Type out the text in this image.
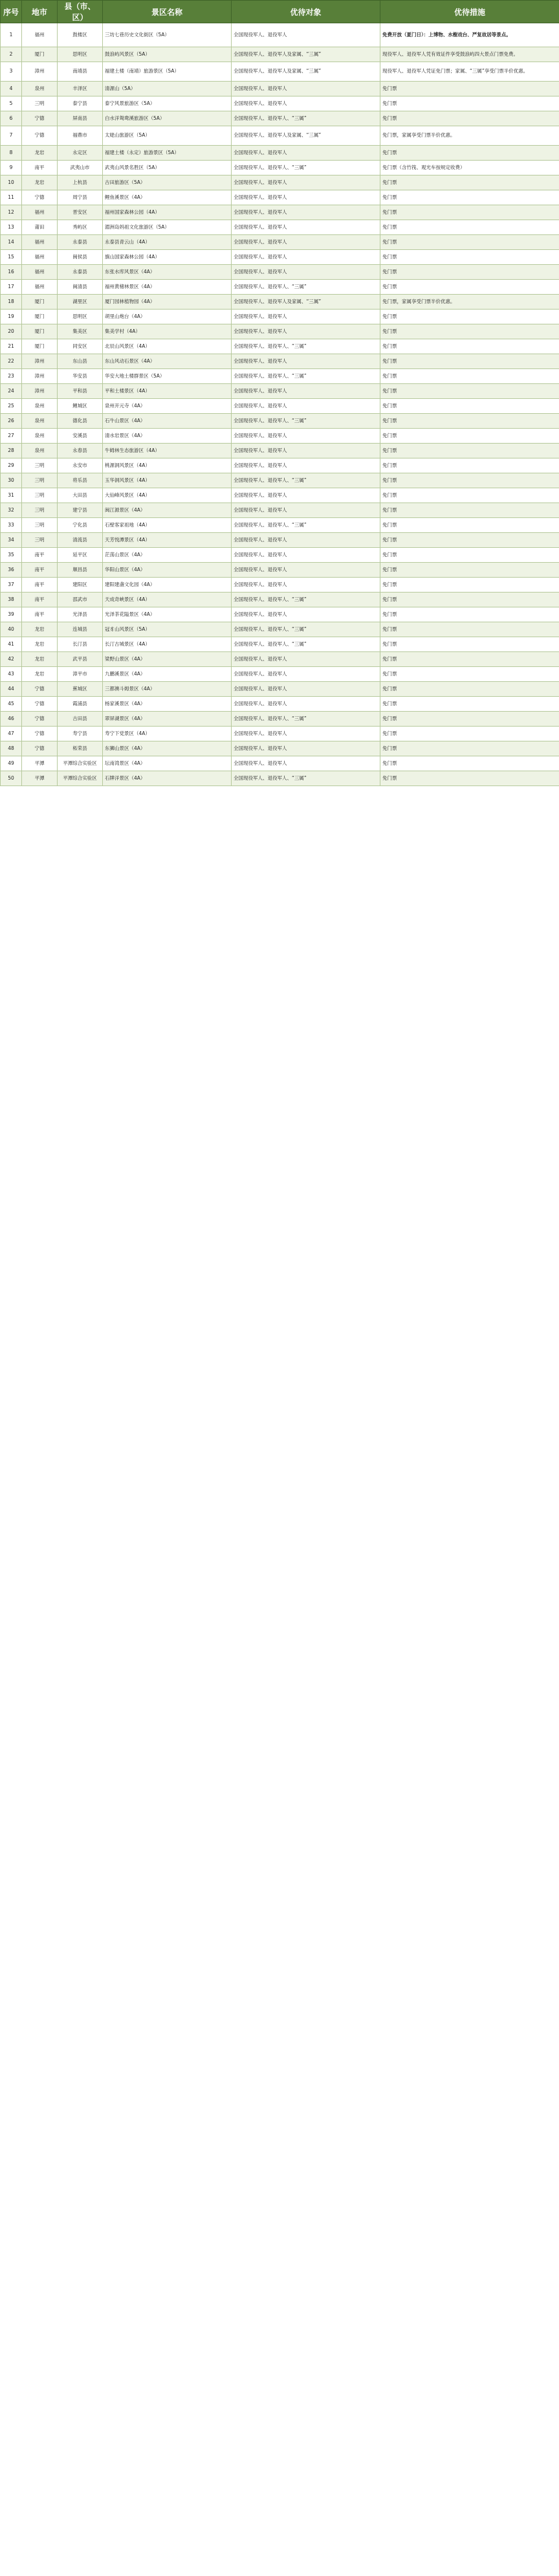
序号	地市	县（市、区）	景区名称	优待对象	优待措施
1	福州	鼓楼区	三坊七巷历史文化街区（5A）	全国现役军人、退役军人	免费开放（夏门日）：上博物、水榭戏台、严复故居等景点。
2	厦门	思明区	鼓浪屿风景区（5A）	全国现役军人、退役军人及家属、“三属”	现役军人、退役军人凭有效证件享受鼓浪屿四大景点门票免费。
3	漳州	南靖县	福建土楼（南靖）旅游景区（5A）	全国现役军人、退役军人及家属、“三属”	现役军人、退役军人凭证免门票；家属、“三属”享受门票半价优惠。
4	泉州	丰泽区	清源山（5A）	全国现役军人、退役军人	免门票
5	三明	泰宁县	泰宁风景旅游区（5A）	全国现役军人、退役军人	免门票
6	宁德	屏南县	白水洋鸳鸯溪旅游区（5A）	全国现役军人、退役军人、“三属”	免门票
7	宁德	福鼎市	太姥山旅游区（5A）	全国现役军人、退役军人及家属、“三属”	免门票，家属享受门票半价优惠。
8	龙岩	永定区	福建土楼（永定）旅游景区（5A）	全国现役军人、退役军人	免门票
9	南平	武夷山市	武夷山风景名胜区（5A）	全国现役军人、退役军人、“三属”	免门票（含竹筏、观光车按规定收费）
10	龙岩	上杭县	古田旅游区（5A）	全国现役军人、退役军人	免门票
11	宁德	周宁县	鲤鱼溪景区（4A）	全国现役军人、退役军人	免门票
12	福州	晋安区	福州国家森林公园（4A）	全国现役军人、退役军人	免门票
13	莆田	秀屿区	湄洲岛妈祖文化旅游区（5A）	全国现役军人、退役军人	免门票
14	福州	永泰县	永泰县青云山（4A）	全国现役军人、退役军人	免门票
15	福州	闽侯县	旗山国家森林公园（4A）	全国现役军人、退役军人	免门票
16	福州	永泰县	东张水库风景区（4A）	全国现役军人、退役军人	免门票
17	福州	闽清县	福州黄楮林景区（4A）	全国现役军人、退役军人、“三属”	免门票
18	厦门	湖里区	厦门园林植物园（4A）	全国现役军人、退役军人及家属、“三属”	免门票，家属享受门票半价优惠。
19	厦门	思明区	胡里山炮台（4A）	全国现役军人、退役军人	免门票
20	厦门	集美区	集美学村（4A）	全国现役军人、退役军人	免门票
21	厦门	同安区	北辰山风景区（4A）	全国现役军人、退役军人、“三属”	免门票
22	漳州	东山县	东山风动石景区（4A）	全国现役军人、退役军人	免门票
23	漳州	华安县	华安大地土楼群景区（5A）	全国现役军人、退役军人、“三属”	免门票
24	漳州	平和县	平和土楼景区（4A）	全国现役军人、退役军人	免门票
25	泉州	鲤城区	泉州开元寺（4A）	全国现役军人、退役军人	免门票
26	泉州	德化县	石牛山景区（4A）	全国现役军人、退役军人、“三属”	免门票
27	泉州	安溪县	清水岩景区（4A）	全国现役军人、退役军人	免门票
28	泉州	永春县	牛姆林生态旅游区（4A）	全国现役军人、退役军人	免门票
29	三明	永安市	桃源洞风景区（4A）	全国现役军人、退役军人	免门票
30	三明	将乐县	玉华洞风景区（4A）	全国现役军人、退役军人、“三属”	免门票
31	三明	大田县	大仙峰风景区（4A）	全国现役军人、退役军人	免门票
32	三明	建宁县	闽江源景区（4A）	全国现役军人、退役军人	免门票
33	三明	宁化县	石壁客家祖地（4A）	全国现役军人、退役军人、“三属”	免门票
34	三明	清流县	天芳悦潭景区（4A）	全国现役军人、退役军人	免门票
35	南平	延平区	茫荡山景区（4A）	全国现役军人、退役军人	免门票
36	南平	顺昌县	华阳山景区（4A）	全国现役军人、退役军人	免门票
37	南平	建阳区	建阳建盏文化园（4A）	全国现役军人、退役军人	免门票
38	南平	邵武市	天成奇峡景区（4A）	全国现役军人、退役军人、“三属”	免门票
39	南平	光泽县	光泽茶花隘景区（4A）	全国现役军人、退役军人	免门票
40	龙岩	连城县	冠豸山风景区（5A）	全国现役军人、退役军人、“三属”	免门票
41	龙岩	长汀县	长汀古城景区（4A）	全国现役军人、退役军人、“三属”	免门票
42	龙岩	武平县	梁野山景区（4A）	全国现役军人、退役军人	免门票
43	龙岩	漳平市	九鹏溪景区（4A）	全国现役军人、退役军人	免门票
44	宁德	蕉城区	三都澳斗姆景区（4A）	全国现役军人、退役军人	免门票
45	宁德	霞浦县	杨家溪景区（4A）	全国现役军人、退役军人	免门票
46	宁德	古田县	翠屏湖景区（4A）	全国现役军人、退役军人、“三属”	免门票
47	宁德	寿宁县	寿宁下党景区（4A）	全国现役军人、退役军人	免门票
48	宁德	柘荣县	东狮山景区（4A）	全国现役军人、退役军人	免门票
49	平潭	平潭综合实验区	坛南湾景区（4A）	全国现役军人、退役军人	免门票
50	平潭	平潭综合实验区	石牌洋景区（4A）	全国现役军人、退役军人、“三属”	免门票
